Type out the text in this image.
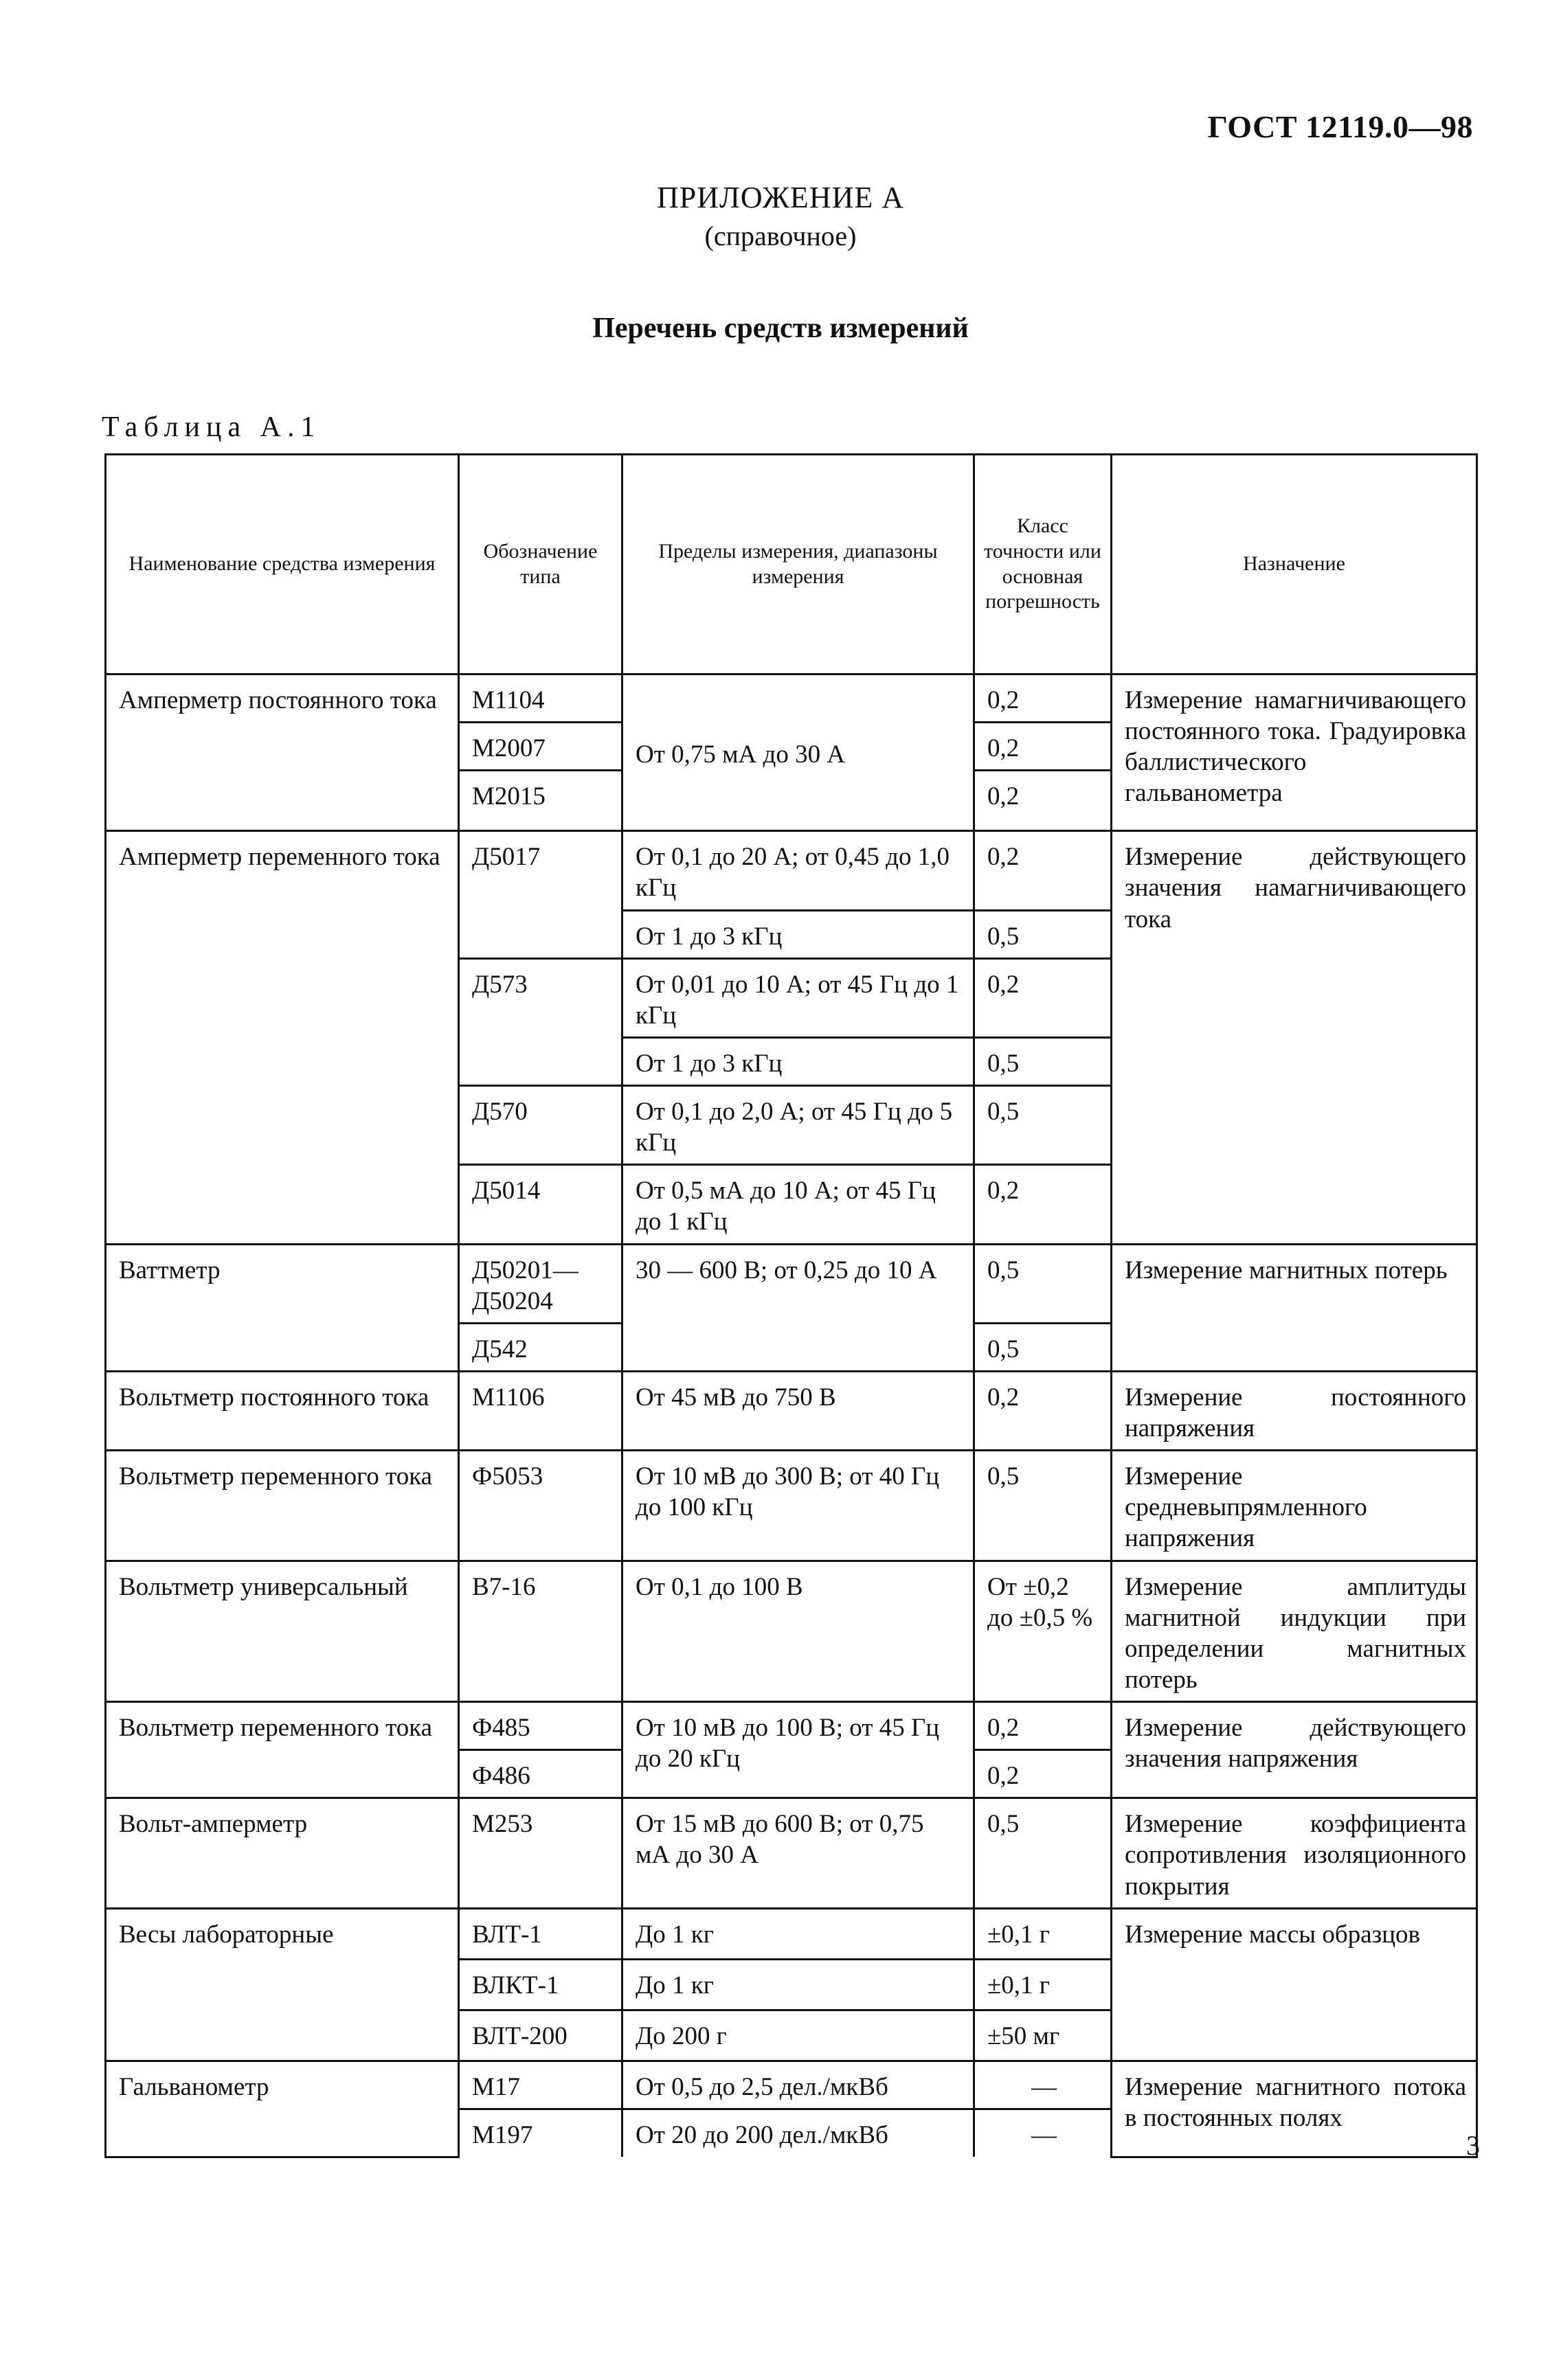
ГОСТ 12119.0—98
ПРИЛОЖЕНИЕ А
(справочное)
Перечень средств измерений
Таблица А.1
Наименование средства измерения	Обозначение типа	Пределы измерения, диапазоны измерения	Класс точности или основная погрешность	Назначение
Амперметр постоянного тока	М1104	От 0,75 мА до 30 А	0,2	Измерение намагничивающего постоянного тока. Градуировка баллистического гальванометра
	М2007		0,2	
	М2015		0,2	
Амперметр переменного тока	Д5017	От 0,1 до 20 А; от 0,45 до 1,0 кГц	0,2	Измерение действующего значения намагничивающего тока
		От 1 до 3 кГц	0,5	
	Д573	От 0,01 до 10 А; от 45 Гц до 1 кГц	0,2	
		От 1 до 3 кГц	0,5	
	Д570	От 0,1 до 2,0 А; от 45 Гц до 5 кГц	0,5	
	Д5014	От 0,5 мА до 10 А; от 45 Гц до 1 кГц	0,2	
Ваттметр	Д50201— Д50204	30 — 600 В; от 0,25 до 10 А	0,5	Измерение магнитных потерь
	Д542		0,5	
Вольтметр постоянного тока	М1106	От 45 мВ до 750 В	0,2	Измерение постоянного напряжения
Вольтметр переменного тока	Ф5053	От 10 мВ до 300 В; от 40 Гц до 100 кГц	0,5	Измерение средневыпрямленного напряжения
Вольтметр универсальный	В7-16	От 0,1 до 100 В	От ±0,2 до ±0,5 %	Измерение амплитуды магнитной индукции при определении магнитных потерь
Вольтметр переменного тока	Ф485	От 10 мВ до 100 В; от 45 Гц до 20 кГц	0,2	Измерение действующего значения напряжения
	Ф486		0,2	
Вольт-амперметр	М253	От 15 мВ до 600 В; от 0,75 мА до 30 А	0,5	Измерение коэффициента сопротивления изоляционного покрытия
Весы лабораторные	ВЛТ-1	До 1 кг	±0,1 г	Измерение массы образцов
	ВЛКТ-1	До 1 кг	±0,1 г	
	ВЛТ-200	До 200 г	±50 мг	
Гальванометр	М17	От 0,5 до 2,5 дел./мкВб	—	Измерение магнитного потока в постоянных полях
	М197	От 20 до 200 дел./мкВб	—		3
